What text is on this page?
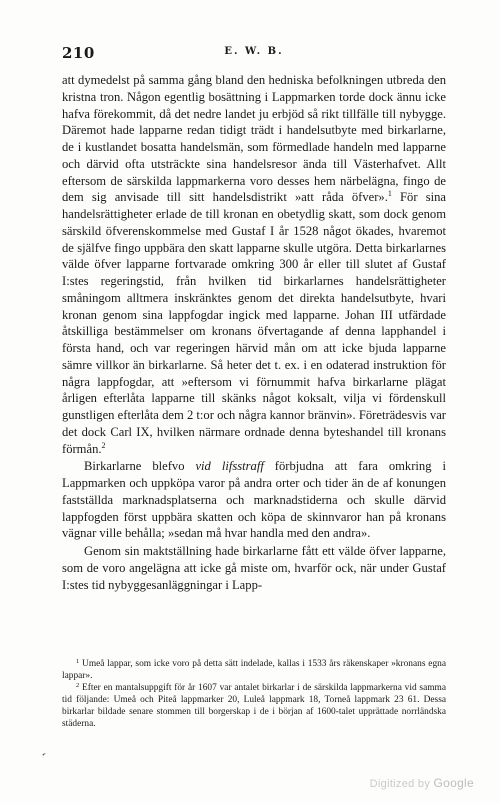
210	E. W. B.

att dymedelst på samma gång bland den hedniska befolkningen utbreda den kristna tron. Någon egentlig bosättning i Lappmarken torde dock ännu icke hafva förekommit, då det nedre landet ju erbjöd så rikt tillfälle till nybygge. Däremot hade lapparne redan tidigt trädt i handelsutbyte med birkarlarne, de i kustlandet bosatta handelsmän, som förmedlade handeln med lapparne och därvid ofta utsträckte sina handelsresor ända till Västerhafvet. Allt eftersom de särskilda lappmarkerna voro desses hem närbelägna, fingo de dem sig anvisade till sitt handelsdistrikt »att råda öfver».$^1$ För sina handelsrättigheter erlade de till kronan en obetydlig skatt, som dock genom särskild öfverenskommelse med Gustaf I år 1528 något ökades, hvaremot de själfve fingo uppbära den skatt lapparne skulle utgöra. Detta birkarlarnes välde öfver lapparne fortvarade omkring 300 år eller till slutet af Gustaf I:stes regeringstid, från hvilken tid birkarlarnes handelsrättigheter småningom alltmera inskränktes genom det direkta handelsutbyte, hvari kronan genom sina lappfogdar ingick med lapparne. Johan III utfärdade åtskilliga bestämmelser om kronans öfvertagande af denna lapphandel i första hand, och var regeringen härvid mån om att icke bjuda lapparne sämre villkor än birkarlarne. Så heter det t. ex. i en odaterad instruktion för några lappfogdar, att »eftersom vi förnummit hafva birkarlarne plägat årligen efterlåta lapparne till skänks något koksalt, vilja vi fördenskull gunstligen efterlåta dem 2 t:or och några kannor bränvin». Företrädesvis var det dock Carl IX, hvilken närmare ordnade denna byteshandel till kronans förmån.$^2$

Birkarlarne blefvo vid lifsstraff förbjudna att fara omkring i Lappmarken och uppköpa varor på andra orter och tider än de af konungen fastställda marknadsplatserna och marknadstiderna och skulle därvid lappfogden först uppbära skatten och köpa de skinnvaror han på kronans vägnar ville behålla; »sedan må hvar handla med den andra».

Genom sin maktställning hade birkarlarne fått ett välde öfver lapparne, som de voro angelägna att icke gå miste om, hvarför ock, när under Gustaf I:stes tid nybyggesanläggningar i Lapp-

$^1$ Umeå lappar, som icke voro på detta sätt indelade, kallas i 1533 års räkenskaper »kronans egna lappar».

$^2$ Efter en mantalsuppgift för år 1607 var antalet birkarlar i de särskilda lappmarkerna vid samma tid följande: Umeå och Piteå lappmarker 20, Luleå lappmark 18, Torneå lappmark 23 61. Dessa birkarlar bildade senare stommen till borgerskap i de i början af 1600-talet upprättade norrländska städerna.

‘
Digitized by Google
